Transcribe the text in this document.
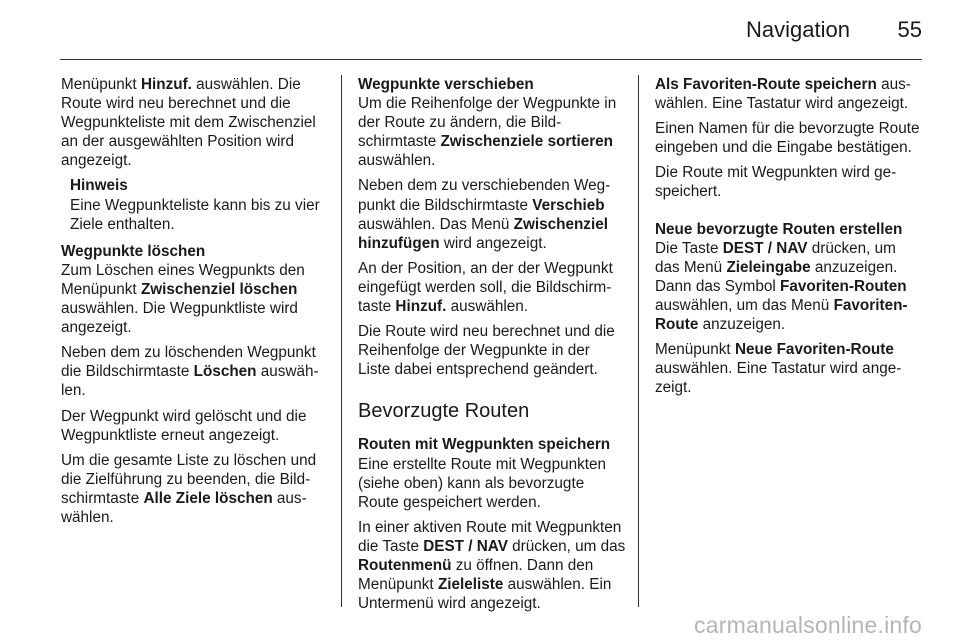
Navigation 55

Menüpunkt Hinzuf. auswählen. Die Route wird neu berechnet und die Wegpunkteliste mit dem Zwischenziel an der ausgewählten Position wird angezeigt.

Hinweis
Eine Wegpunkteliste kann bis zu vier Ziele enthalten.
Wegpunkte löschen

Zum Löschen eines Wegpunkts den Menüpunkt Zwischenziel löschen auswählen. Die Wegpunktliste wird angezeigt.

Neben dem zu löschenden Wegpunkt die Bildschirmtaste Löschen auswählen.

Der Wegpunkt wird gelöscht und die Wegpunktliste erneut angezeigt.

Um die gesamte Liste zu löschen und die Zielführung zu beenden, die Bildschirmtaste Alle Ziele löschen auswählen.

Wegpunkte verschieben

Um die Reihenfolge der Wegpunkte in der Route zu ändern, die Bildschirmtaste Zwischenziele sortieren auswählen.

Neben dem zu verschiebenden Wegpunkt die Bildschirmtaste Verschieb auswählen. Das Menü Zwischenziel hinzufügen wird angezeigt.

An der Position, an der der Wegpunkt eingefügt werden soll, die Bildschirmtaste Hinzuf. auswählen.

Die Route wird neu berechnet und die Reihenfolge der Wegpunkte in der Liste dabei entsprechend geändert.

Bevorzugte Routen
Routen mit Wegpunkten speichern

Eine erstellte Route mit Wegpunkten (siehe oben) kann als bevorzugte Route gespeichert werden.

In einer aktiven Route mit Wegpunkten die Taste DEST / NAV drücken, um das Routenmenü zu öffnen. Dann den Menüpunkt Zieleliste auswählen. Ein Untermenü wird angezeigt.

Als Favoriten-Route speichern auswählen. Eine Tastatur wird angezeigt.

Einen Namen für die bevorzugte Route eingeben und die Eingabe bestätigen.

Die Route mit Wegpunkten wird gespeichert.

Neue bevorzugte Routen erstellen

Die Taste DEST / NAV drücken, um das Menü Zieleingabe anzuzeigen. Dann das Symbol Favoriten-Routen auswählen, um das Menü Favoriten-Route anzuzeigen.

Menüpunkt Neue Favoriten-Route auswählen. Eine Tastatur wird angezeigt.

carmanualsonline.info
